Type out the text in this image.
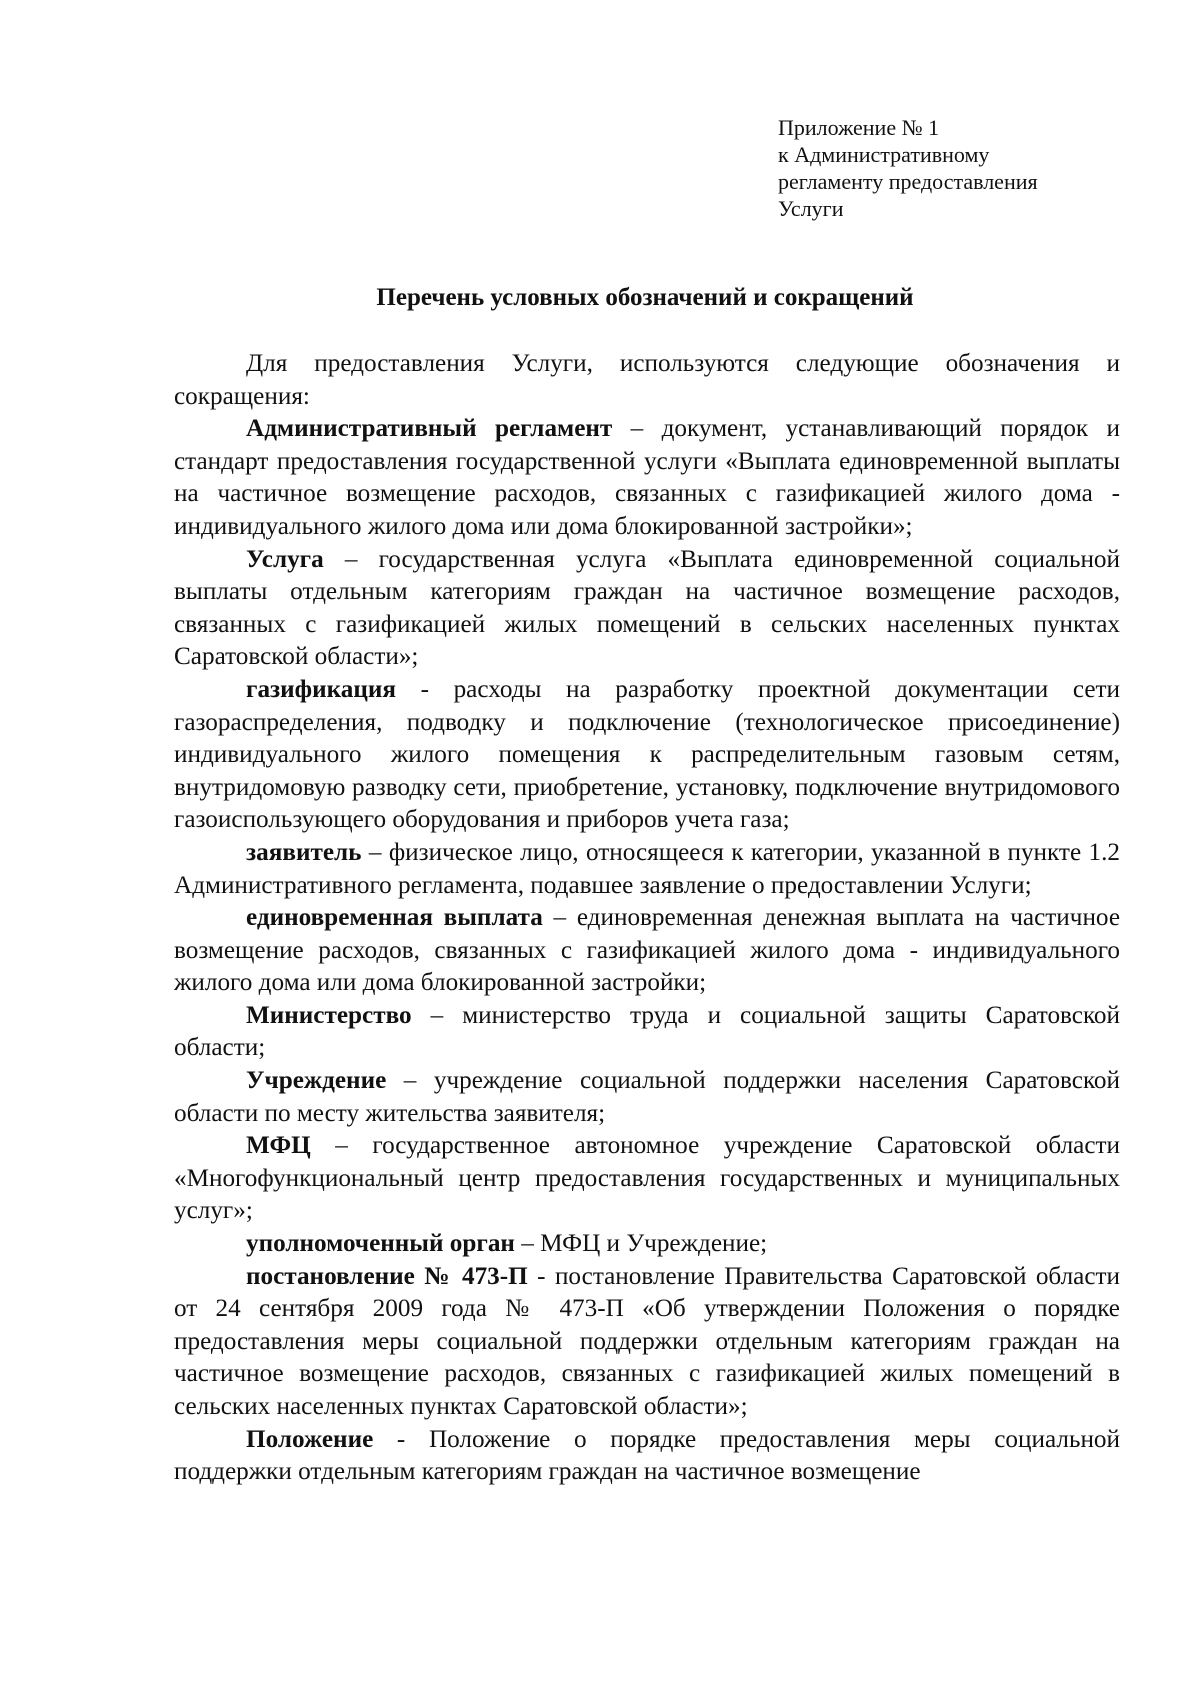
Приложение № 1
к Административному
регламенту предоставления
Услуги
Перечень условных обозначений и сокращений

Для предоставления Услуги, используются следующие обозначения и сокращения:

Административный регламент – документ, устанавливающий порядок и стандарт предоставления государственной услуги «Выплата единовременной выплаты на частичное возмещение расходов, связанных с газификацией жилого дома - индивидуального жилого дома или дома блокированной застройки»;

Услуга – государственная услуга «Выплата единовременной социальной выплаты отдельным категориям граждан на частичное возмещение расходов, связанных с газификацией жилых помещений в сельских населенных пунктах Саратовской области»;

газификация - расходы на разработку проектной документации сети газораспределения, подводку и подключение (технологическое присоединение) индивидуального жилого помещения к распределительным газовым сетям, внутридомовую разводку сети, приобретение, установку, подключение внутридомового газоиспользующего оборудования и приборов учета газа;

заявитель – физическое лицо, относящееся к категории, указанной в пункте 1.2 Административного регламента, подавшее заявление о предоставлении Услуги;

единовременная выплата – единовременная денежная выплата на частичное возмещение расходов, связанных с газификацией жилого дома - индивидуального жилого дома или дома блокированной застройки;

Министерство – министерство труда и социальной защиты Саратовской области;

Учреждение – учреждение социальной поддержки населения Саратовской области по месту жительства заявителя;

МФЦ – государственное автономное учреждение Саратовской области «Многофункциональный центр предоставления государственных и муниципальных услуг»;

уполномоченный орган – МФЦ и Учреждение;

постановление № 473-П - постановление Правительства Саратовской области от 24 сентября 2009 года № 473-П «Об утверждении Положения о порядке предоставления меры социальной поддержки отдельным категориям граждан на частичное возмещение расходов, связанных с газификацией жилых помещений в сельских населенных пунктах Саратовской области»;

Положение - Положение о порядке предоставления меры социальной поддержки отдельным категориям граждан на частичное возмещение
